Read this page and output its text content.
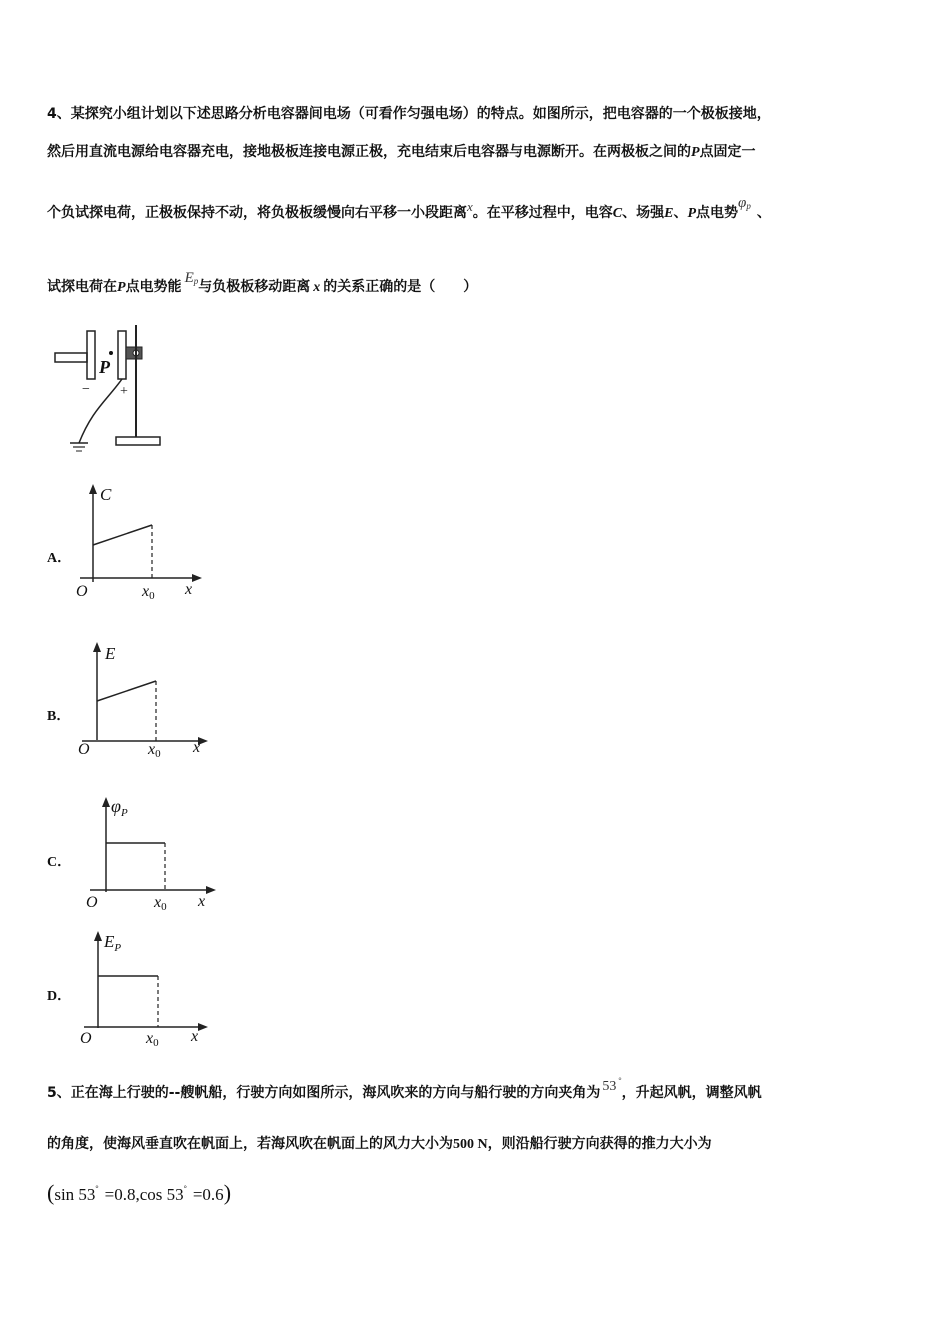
4、某探究小组计划以下述思路分析电容器间电场（可看作匀强电场）的特点。如图所示，把电容器的一个极板接地，
然后用直流电源给电容器充电，接地极板连接电源正极，充电结束后电容器与电源断开。在两极板之间的P点固定一
个负试探电荷，正极板保持不动，将负极板缓慢向右平移一小段距离x。在平移过程中，电容C、场强E、P点电势$\varphi^p$ 、
试探电荷在P点电势能$E^p$与负极板移动距离 x 的关系正确的是（　　）
P
− +
A．
B．
C．
D．
C
O	x0 x
E
O	x0 x
$\varphi_P$
O	x0 x
$E_P$
O	x0 x
5、正在海上行驶的--艘帆船，行驶方向如图所示，海风吹来的方向与船行驶的方向夹角为 53 °，升起风帆，调整风帆
的角度，使海风垂直吹在帆面上，若海风吹在帆面上的风力大小为500 N，则沿船行驶方向获得的推力大小为
(sin 53° =0.8,cos 53° =0.6)
